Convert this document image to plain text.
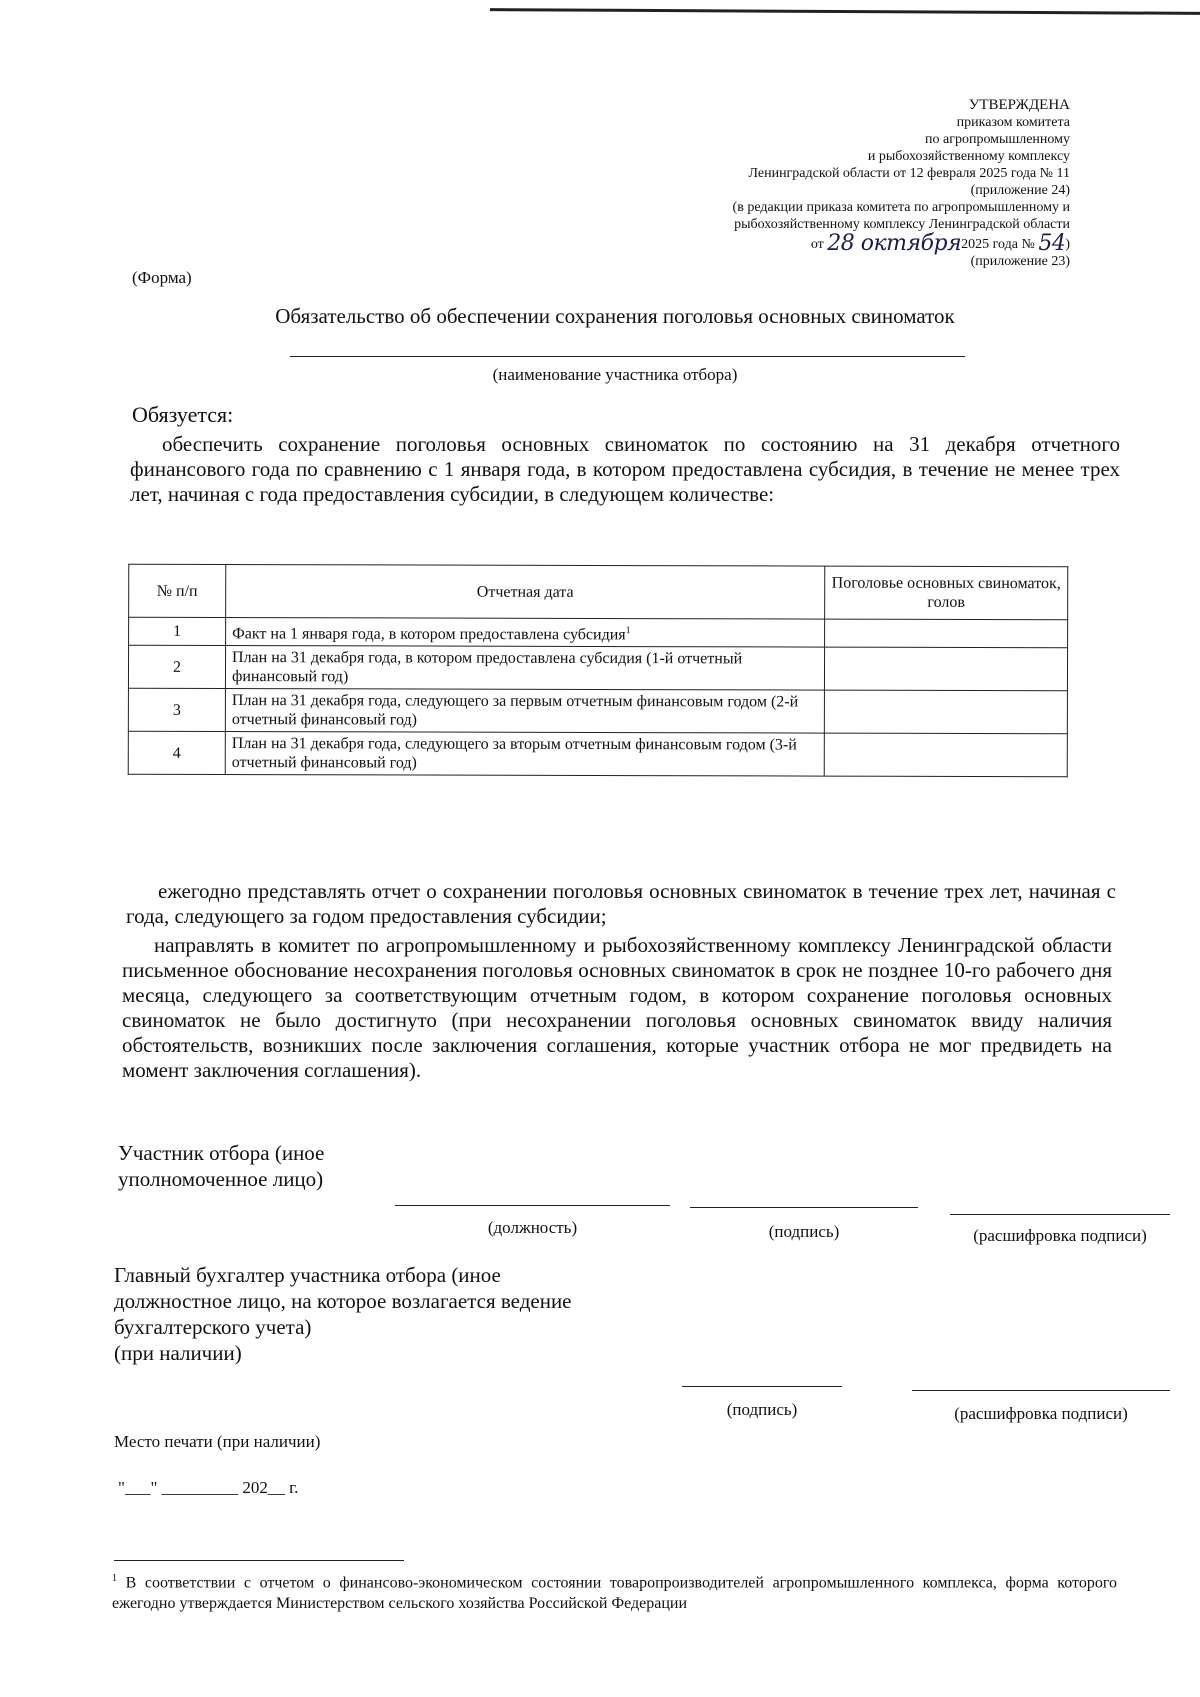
УТВЕРЖДЕНА
приказом комитета
по агропромышленному
и рыбохозяйственному комплексу
Ленинградской области от 12 февраля 2025 года № 11
(приложение 24)
(в редакции приказа комитета по агропромышленному и
рыбохозяйственному комплексу Ленинградской области
от 28 октября2025 года № 54)
(приложение 23)
(Форма)
Обязательство об обеспечении сохранения поголовья основных свиноматок
(наименование участника отбора)
Обязуется:
обеспечить сохранение поголовья основных свиноматок по состоянию на 31 декабря отчетного финансового года по сравнению с 1 января года, в котором предоставлена субсидия, в течение не менее трех лет, начиная с года предоставления субсидии, в следующем количестве:
№ п/п	Отчетная дата	Поголовье основных свиноматок, голов
1	Факт на 1 января года, в котором предоставлена субсидия$^1$	
2	План на 31 декабря года, в котором предоставлена субсидия (1-й отчетный финансовый год)	
3	План на 31 декабря года, следующего за первым отчетным финансовым годом (2-й отчетный финансовый год)	
4	План на 31 декабря года, следующего за вторым отчетным финансовым годом (3-й отчетный финансовый год)	
ежегодно представлять отчет о сохранении поголовья основных свиноматок в течение трех лет, начиная с года, следующего за годом предоставления субсидии;
направлять в комитет по агропромышленному и рыбохозяйственному комплексу Ленинградской области письменное обоснование несохранения поголовья основных свиноматок в срок не позднее 10-го рабочего дня месяца, следующего за соответствующим отчетным годом, в котором сохранение поголовья основных свиноматок не было достигнуто (при несохранении поголовья основных свиноматок ввиду наличия обстоятельств, возникших после заключения соглашения, которые участник отбора не мог предвидеть на момент заключения соглашения).
Участник отбора (иное
уполномоченное лицо)
(должность)	(подпись)	(расшифровка подписи)
Главный бухгалтер участника отбора (иное
должностное лицо, на которое возлагается ведение
бухгалтерского учета)
(при наличии)
(подпись)	(расшифровка подписи)
Место печати (при наличии)
"___" _________ 202__ г.
$^1$ В соответствии с отчетом о финансово-экономическом состоянии товаропроизводителей агропромышленного комплекса, форма которого ежегодно утверждается Министерством сельского хозяйства Российской Федерации
